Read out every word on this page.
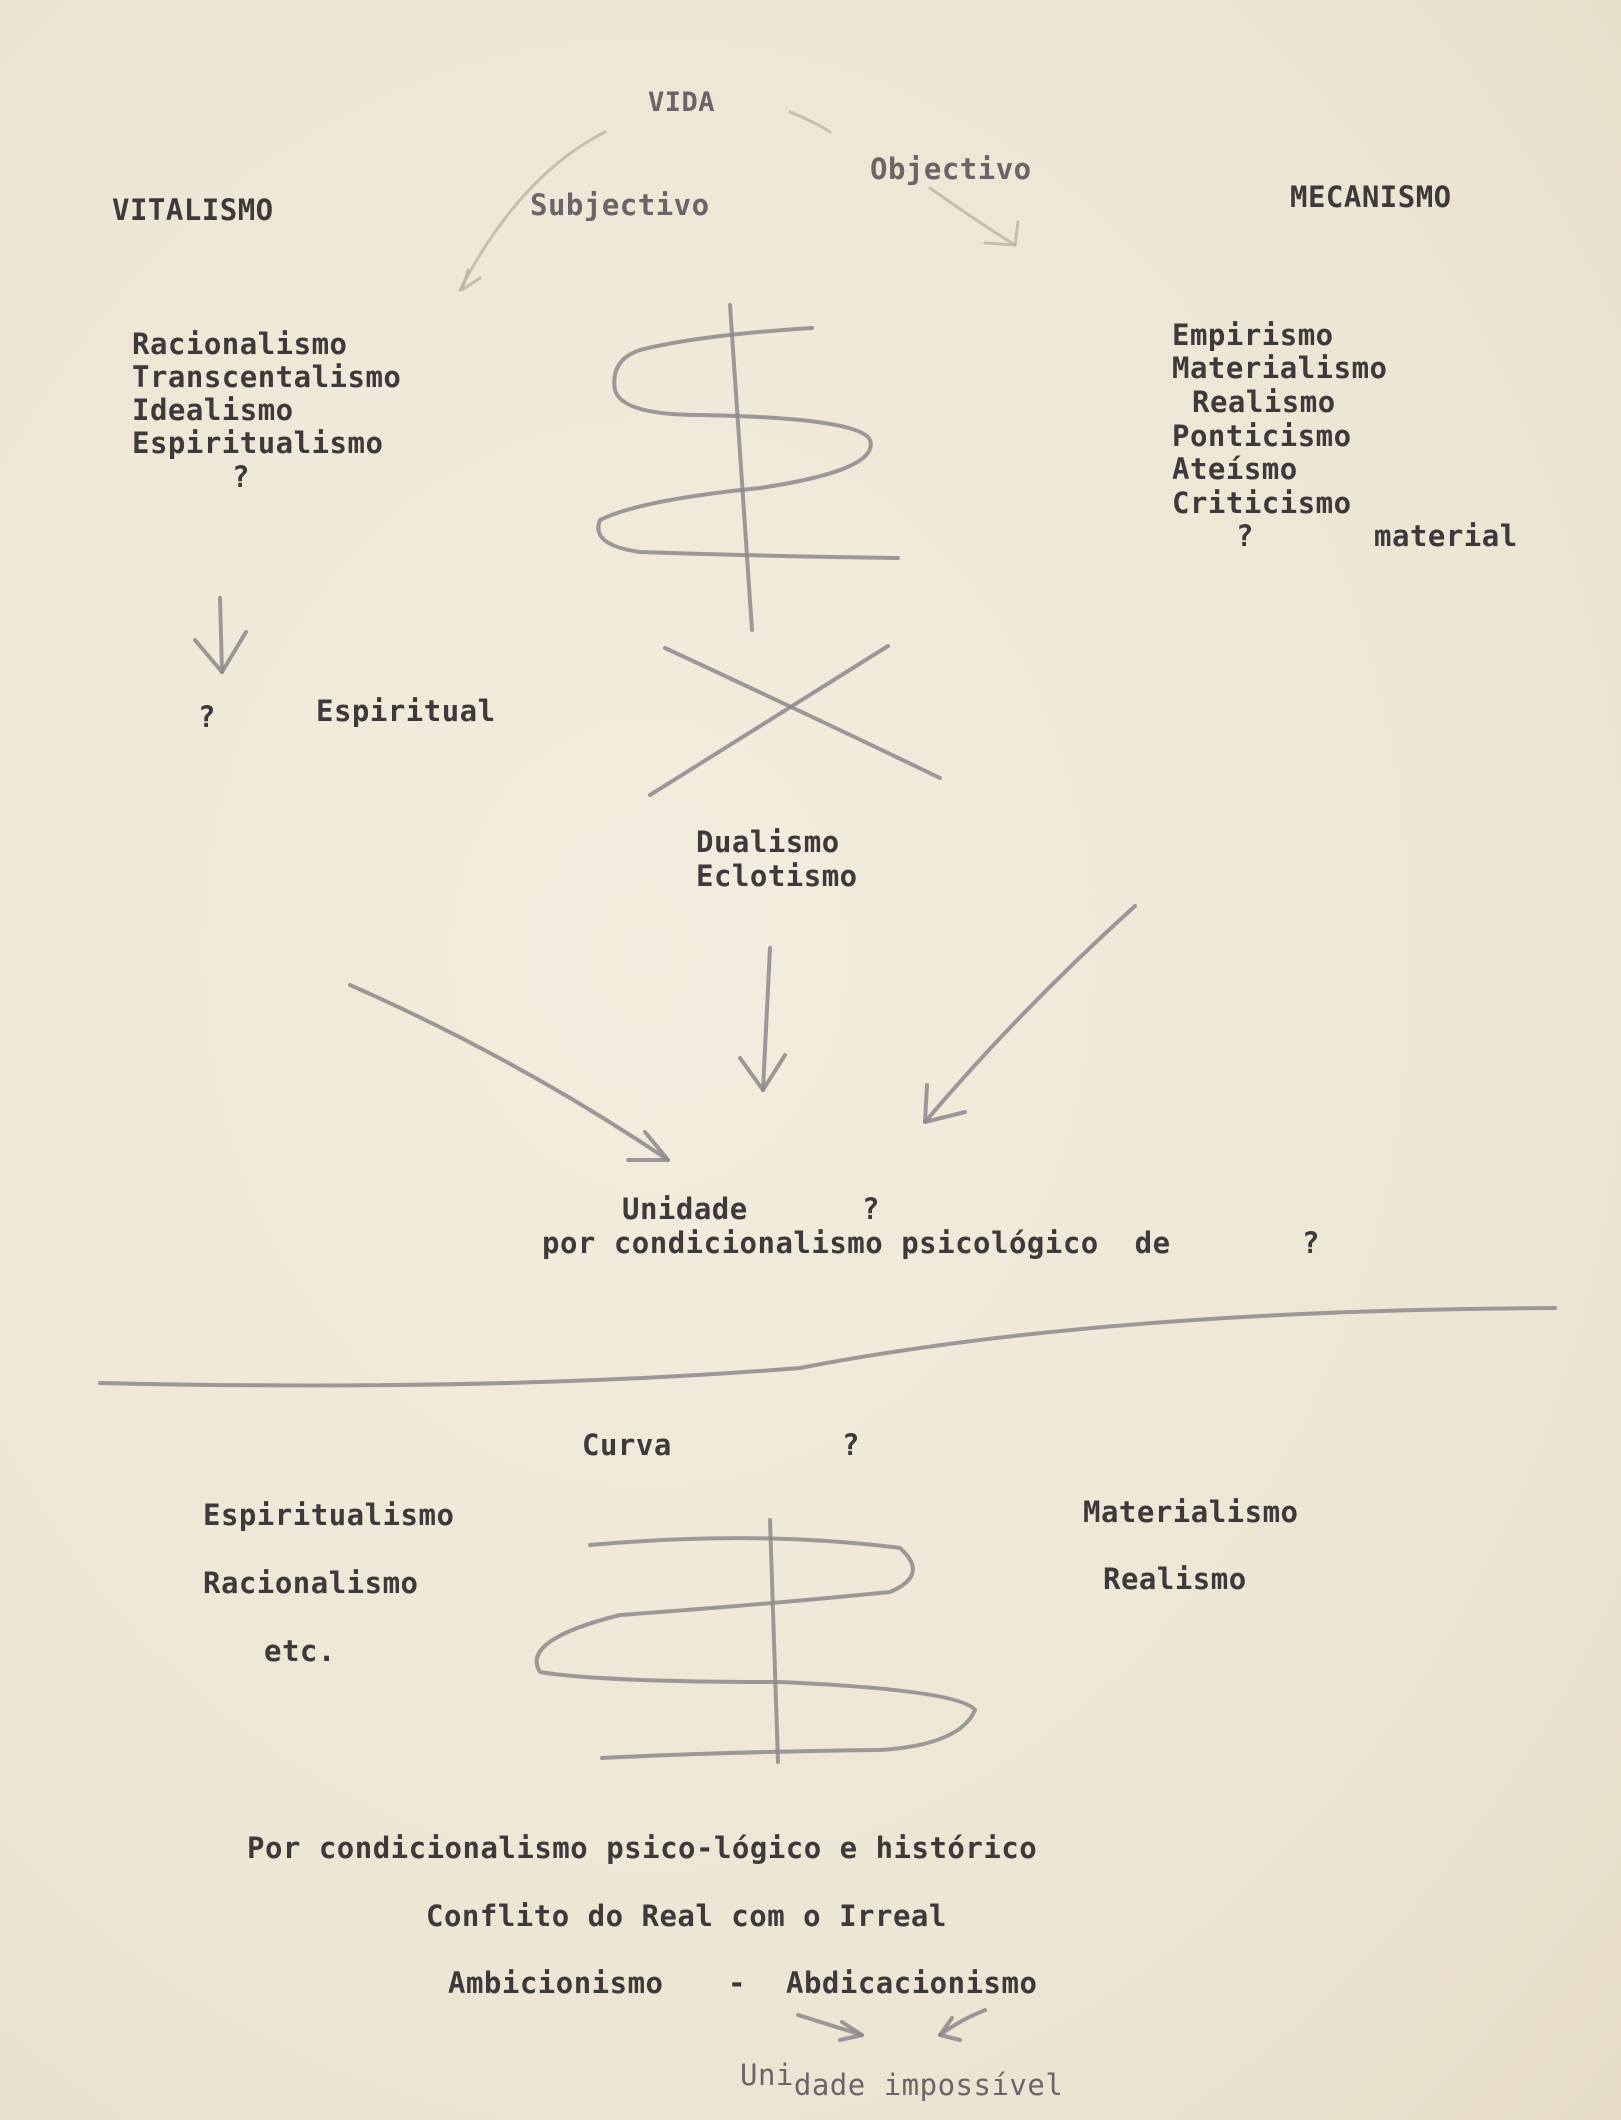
VIDA
VITALISMO	Subjectivo
Objectivo
MECANISMO
Racionalismo
Transcentalismo
Idealismo
Espiritualismo
?
Empirismo
Materialismo
Realismo
Ponticismo
Ateísmo
Criticismo
?	material
?	Espiritual
Dualismo
Eclotismo
Unidade	?
por condicionalismo psicológico  de	?
Curva	?
Espiritualismo
Racionalismo
etc.
Materialismo
Realismo
Por condicionalismo psico-lógico e histórico
Conflito do Real com o Irreal
Ambicionismo - Abdicacionismo
Unidade impossível
